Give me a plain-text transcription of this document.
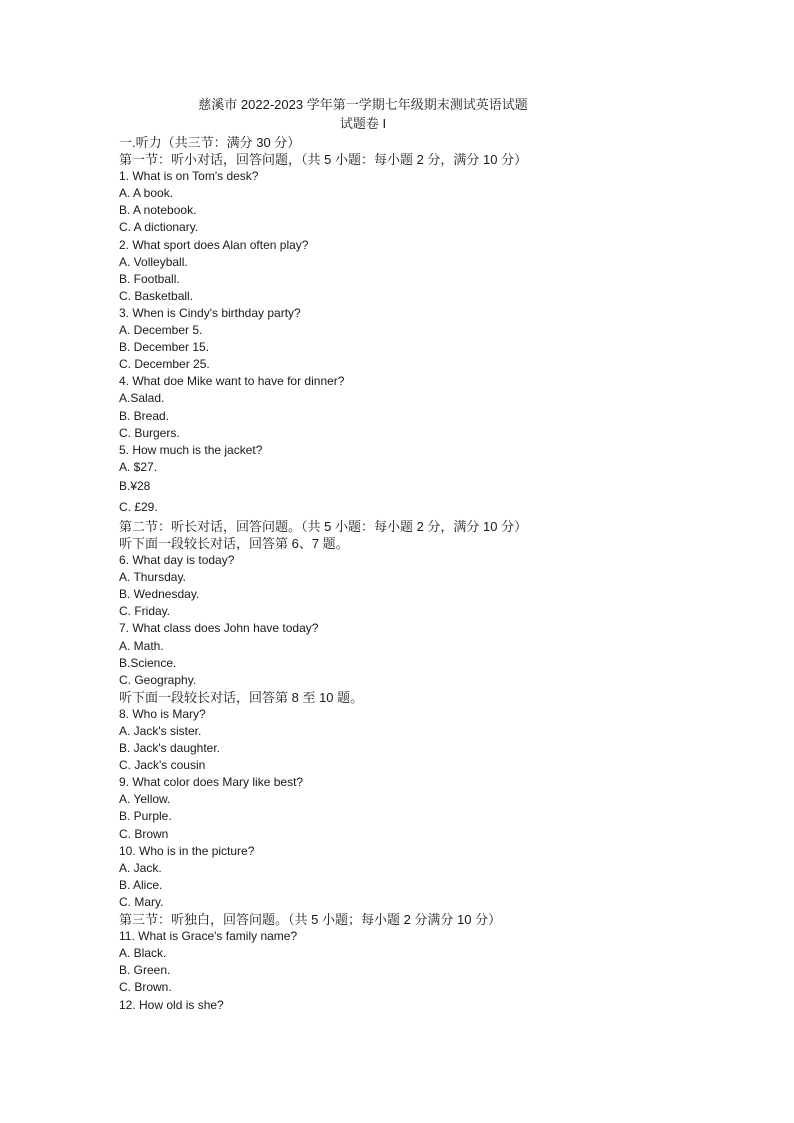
慈溪市 2022-2023 学年第一学期七年级期末测试英语试题
试题卷 I
一.听力（共三节：满分 30 分）
第一节：听小对话，回答问题，（共 5 小题：每小题 2 分，满分 10 分）
1. What is on Tom's desk?
A. A book.
B. A notebook.
C. A dictionary.
2. What sport does Alan often play?
A. Volleyball.
B. Football.
C. Basketball.
3. When is Cindy's birthday party?
A. December 5.
B. December 15.
C. December 25.
4. What doe Mike want to have for dinner?
A.Salad.
B. Bread.
C. Burgers.
5. How much is the jacket?
A. $27.
B.¥28
C. £29.
第二节：听长对话，回答问题。（共 5 小题：每小题 2 分，满分 10 分）
听下面一段较长对话，回答第 6、7 题。
6. What day is today?
A. Thursday.
B. Wednesday.
C. Friday.
7. What class does John have today?
A. Math.
B.Science.
C. Geography.
听下面一段较长对话，回答第 8 至 10 题。
8. Who is Mary?
A. Jack's sister.
B. Jack's daughter.
C. Jack's cousin
9. What color does Mary like best?
A. Yellow.
B. Purple.
C. Brown
10. Who is in the picture?
A. Jack.
B. Alice.
C. Mary.
第三节：听独白，回答问题。（共 5 小题；每小题 2 分满分 10 分）
11. What is Grace's family name?
A. Black.
B. Green.
C. Brown.
12. How old is she?
